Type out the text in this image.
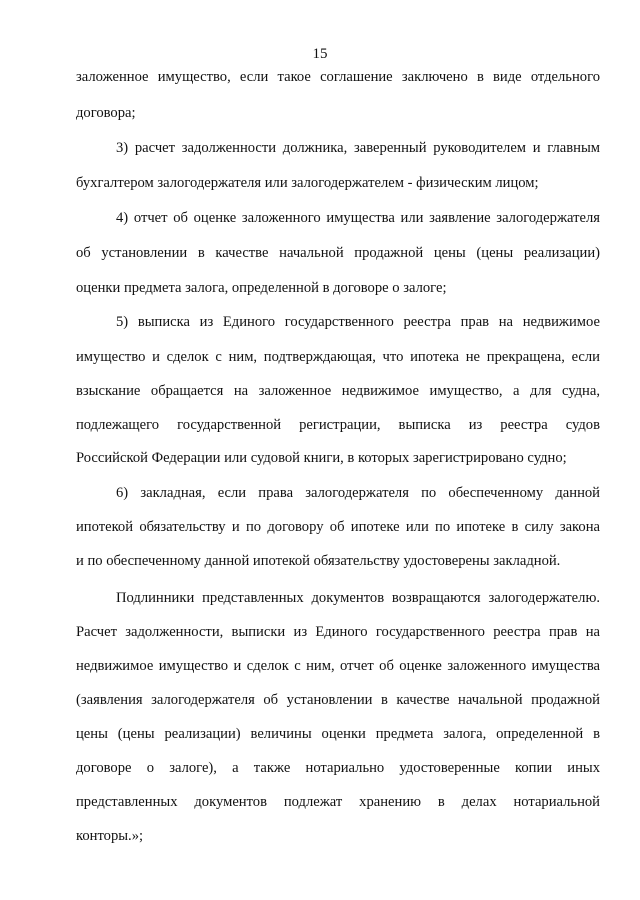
15
заложенное имущество, если такое соглашение заключено в виде отдельного
договора;
3) расчет задолженности должника, заверенный руководителем и главным
бухгалтером залогодержателя или залогодержателем - физическим лицом;
4) отчет об оценке заложенного имущества или заявление залогодержателя
об установлении в качестве начальной продажной цены (цены реализации)
оценки предмета залога, определенной в договоре о залоге;
5) выписка из Единого государственного реестра прав на недвижимое
имущество и сделок с ним, подтверждающая, что ипотека не прекращена, если
взыскание обращается на заложенное недвижимое имущество, а для судна,
подлежащего государственной регистрации, выписка из реестра судов
Российской Федерации или судовой книги, в которых зарегистрировано судно;
6) закладная, если права залогодержателя по обеспеченному данной
ипотекой обязательству и по договору об ипотеке или по ипотеке в силу закона
и по обеспеченному данной ипотекой обязательству удостоверены закладной.
Подлинники представленных документов возвращаются залогодержателю.
Расчет задолженности, выписки из Единого государственного реестра прав на
недвижимое имущество и сделок с ним, отчет об оценке заложенного имущества
(заявления залогодержателя об установлении в качестве начальной продажной
цены (цены реализации) величины оценки предмета залога, определенной в
договоре о залоге), а также нотариально удостоверенные копии иных
представленных документов подлежат хранению в делах нотариальной
конторы.»;
